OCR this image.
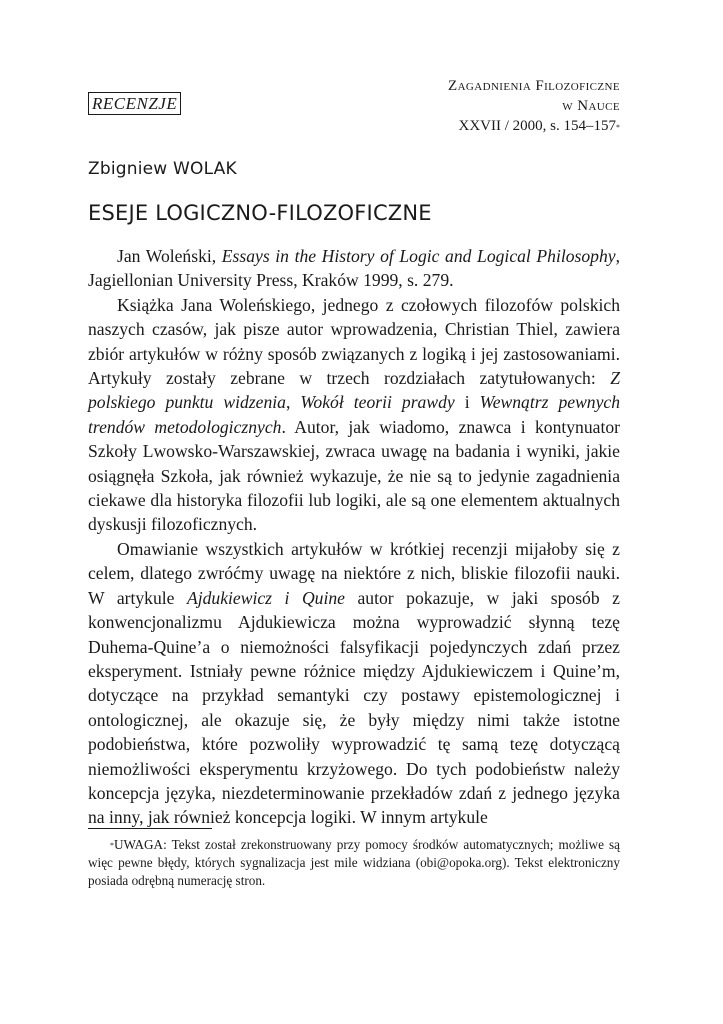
RECENZJE
Zagadnienia Filozoficzne
w Nauce
XXVII / 2000, s. 154–157*
Zbigniew WOLAK
ESEJE LOGICZNO-FILOZOFICZNE

Jan Woleński, Essays in the History of Logic and Logical Philosophy, Jagiellonian University Press, Kraków 1999, s. 279.

Książka Jana Woleńskiego, jednego z czołowych filozofów polskich naszych czasów, jak pisze autor wprowadzenia, Christian Thiel, zawiera zbiór artykułów w różny sposób związanych z logiką i jej zastosowaniami. Artykuły zostały zebrane w trzech rozdziałach zatytułowanych: Z polskiego punktu widzenia, Wokół teorii prawdy i Wewnątrz pewnych trendów metodologicznych. Autor, jak wiadomo, znawca i kontynuator Szkoły Lwowsko-Warszawskiej, zwraca uwagę na badania i wyniki, jakie osiągnęła Szkoła, jak również wykazuje, że nie są to jedynie zagadnienia ciekawe dla historyka filozofii lub logiki, ale są one elementem aktualnych dyskusji filozoficznych.

Omawianie wszystkich artykułów w krótkiej recenzji mijałoby się z celem, dlatego zwróćmy uwagę na niektóre z nich, bliskie filozofii nauki. W artykule Ajdukiewicz i Quine autor pokazuje, w jaki sposób z konwencjonalizmu Ajdukiewicza można wyprowadzić słynną tezę Duhema-Quine’a o niemożności falsyfikacji pojedynczych zdań przez eksperyment. Istniały pewne różnice między Ajdukiewiczem i Quine’m, dotyczące na przykład semantyki czy postawy epistemologicznej i ontologicznej, ale okazuje się, że były między nimi także istotne podobieństwa, które pozwoliły wyprowadzić tę samą tezę dotyczącą niemożliwości eksperymentu krzyżowego. Do tych podobieństw należy koncepcja języka, niezdeterminowanie przekładów zdań z jednego języka na inny, jak również koncepcja logiki. W innym artykule

*UWAGA: Tekst został zrekonstruowany przy pomocy środków automatycznych; możliwe są więc pewne błędy, których sygnalizacja jest mile widziana (obi@opoka.org). Tekst elektroniczny posiada odrębną numerację stron.
